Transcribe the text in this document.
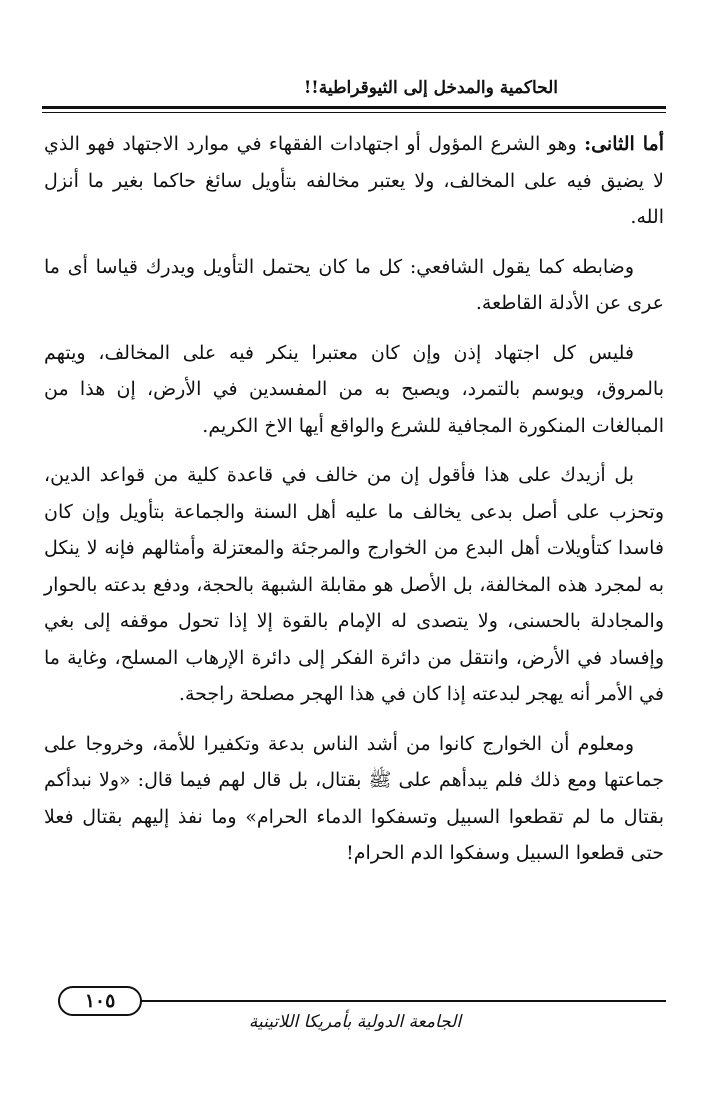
الحاكمية والمدخل إلى الثيوقراطية!!

أما الثانى: وهو الشرع المؤول أو اجتهادات الفقهاء في موارد الاجتهاد فهو الذي لا يضيق فيه على المخالف، ولا يعتبر مخالفه بتأويل سائغ حاكما بغير ما أنزل الله.

وضابطه كما يقول الشافعي: كل ما كان يحتمل التأويل ويدرك قياسا أى ما عرى عن الأدلة القاطعة.

فليس كل اجتهاد إذن وإن كان معتبرا ينكر فيه على المخالف، ويتهم بالمروق، ويوسم بالتمرد، ويصبح به من المفسدين في الأرض، إن هذا من المبالغات المنكورة المجافية للشرع والواقع أيها الاخ الكريم.

بل أزيدك على هذا فأقول إن من خالف في قاعدة كلية من قواعد الدين، وتحزب على أصل بدعى يخالف ما عليه أهل السنة والجماعة بتأويل وإن كان فاسدا كتأويلات أهل البدع من الخوارج والمرجئة والمعتزلة وأمثالهم فإنه لا ينكل به لمجرد هذه المخالفة، بل الأصل هو مقابلة الشبهة بالحجة، ودفع بدعته بالحوار والمجادلة بالحسنى، ولا يتصدى له الإمام بالقوة إلا إذا تحول موقفه إلى بغي وإفساد في الأرض، وانتقل من دائرة الفكر إلى دائرة الإرهاب المسلح، وغاية ما في الأمر أنه يهجر لبدعته إذا كان في هذا الهجر مصلحة راجحة.

ومعلوم أن الخوارج كانوا من أشد الناس بدعة وتكفيرا للأمة، وخروجا على جماعتها ومع ذلك فلم يبدأهم على ﷺ بقتال، بل قال لهم فيما قال: «ولا نبدأكم بقتال ما لم تقطعوا السبيل وتسفكوا الدماء الحرام» وما نفذ إليهم بقتال فعلا حتى قطعوا السبيل وسفكوا الدم الحرام!

١٠٥
الجامعة الدولية بأمريكا اللاتينية
